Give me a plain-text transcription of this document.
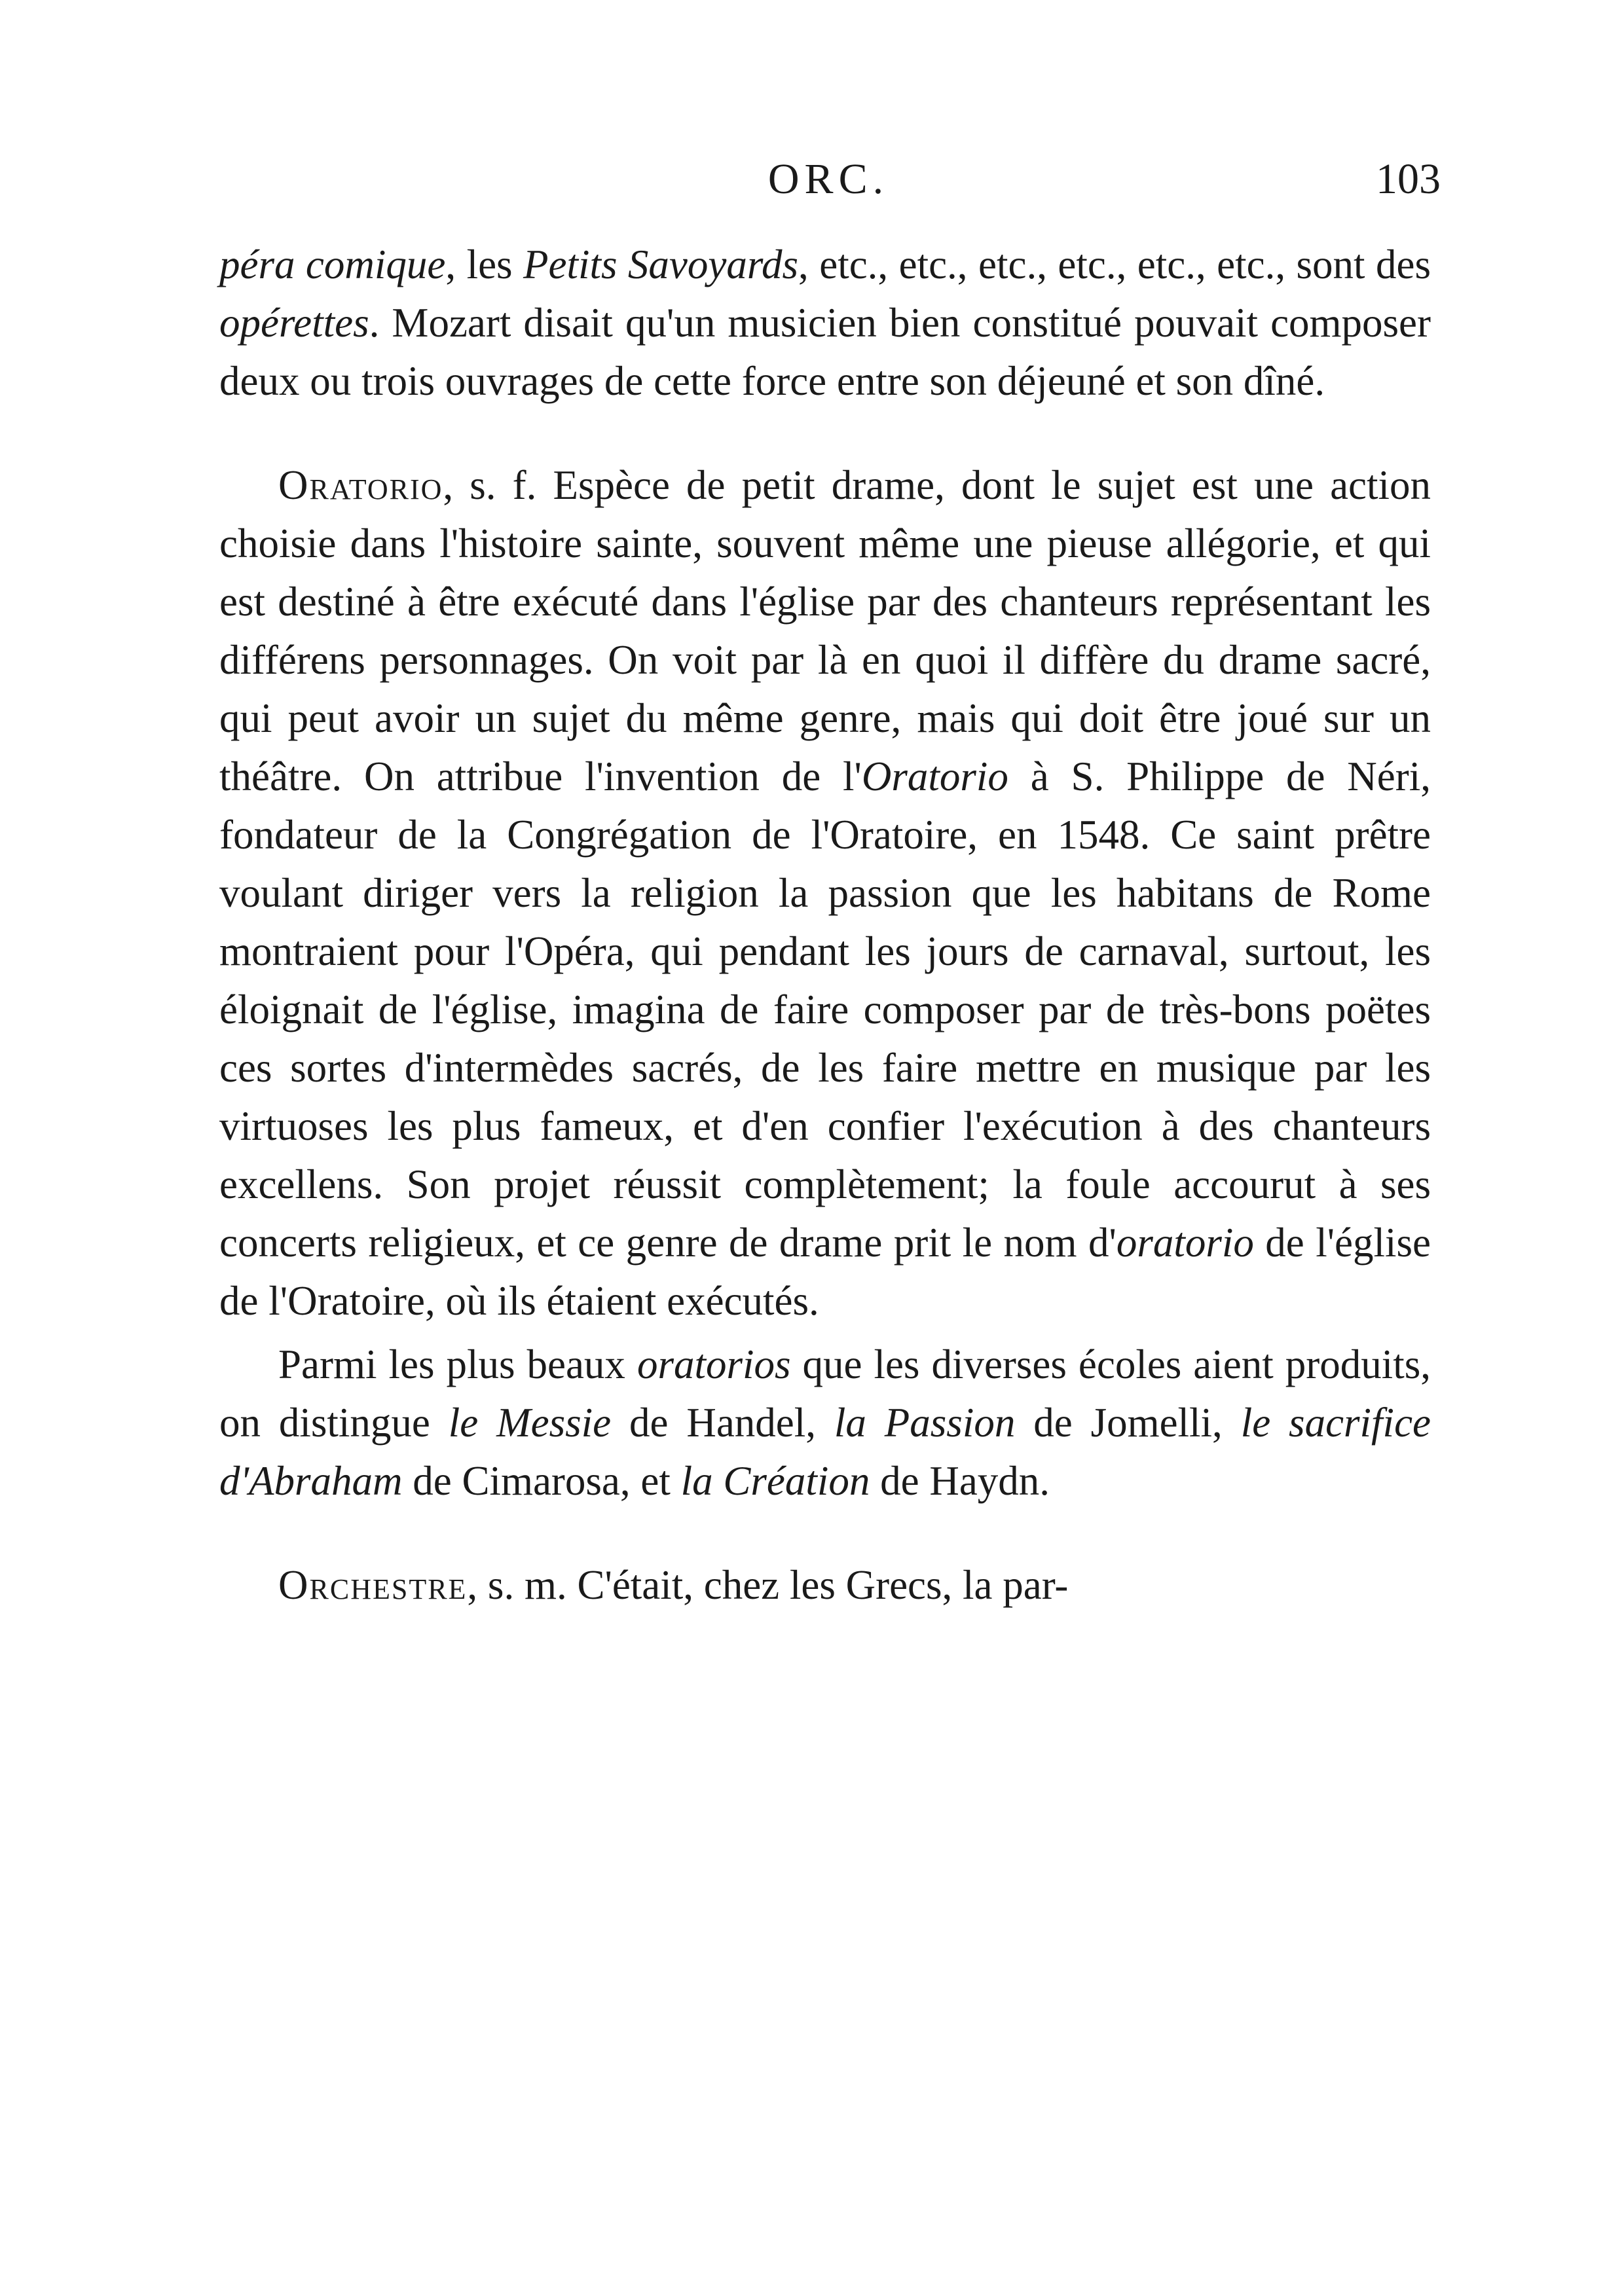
ORC.	103

péra comique, les Petits Savoyards, etc., etc., etc., etc., etc., etc., sont des opérettes. Mozart disait qu'un musicien bien constitué pouvait composer deux ou trois ouvrages de cette force entre son déjeuné et son dîné.

Oratorio, s. f. Espèce de petit drame, dont le sujet est une action choisie dans l'histoire sainte, souvent même une pieuse allégorie, et qui est destiné à être exécuté dans l'église par des chanteurs représentant les différens personnages. On voit par là en quoi il diffère du drame sacré, qui peut avoir un sujet du même genre, mais qui doit être joué sur un théâtre. On attribue l'invention de l'Oratorio à S. Philippe de Néri, fondateur de la Congrégation de l'Oratoire, en 1548. Ce saint prêtre voulant diriger vers la religion la passion que les habitans de Rome montraient pour l'Opéra, qui pendant les jours de carnaval, surtout, les éloignait de l'église, imagina de faire composer par de très-bons poëtes ces sortes d'intermèdes sacrés, de les faire mettre en musique par les virtuoses les plus fameux, et d'en confier l'exécution à des chanteurs excellens. Son projet réussit complètement; la foule accourut à ses concerts religieux, et ce genre de drame prit le nom d'oratorio de l'église de l'Oratoire, où ils étaient exécutés.

Parmi les plus beaux oratorios que les diverses écoles aient produits, on distingue le Messie de Handel, la Passion de Jomelli, le sacrifice d'Abraham de Cimarosa, et la Création de Haydn.

Orchestre, s. m. C'était, chez les Grecs, la par-
